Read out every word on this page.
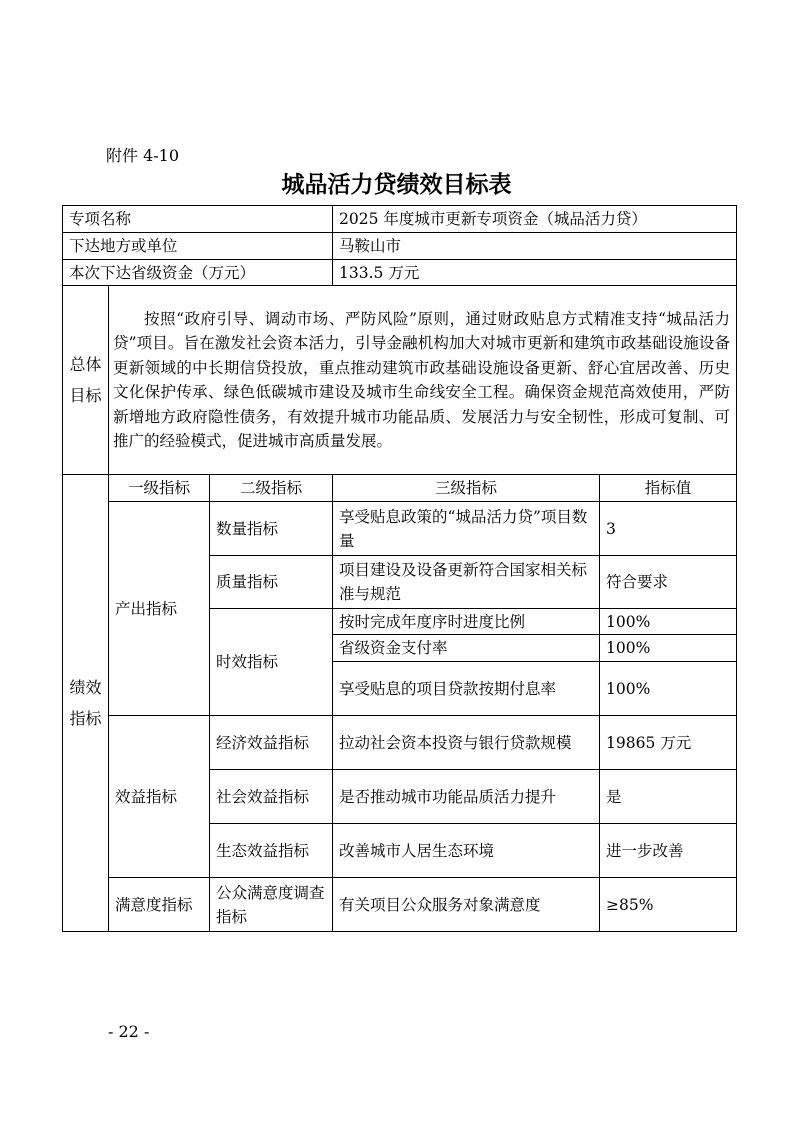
附件 4-10
城品活力贷绩效目标表
专项名称			2025 年度城市更新专项资金（城品活力贷）	
下达地方或单位			马鞍山市	
本次下达省级资金（万元）			133.5 万元	
总体目标	按照“政府引导、调动市场、严防风险”原则，通过财政贴息方式精准支持“城品活力贷”项目。旨在激发社会资本活力，引导金融机构加大对城市更新和建筑市政基础设施设备更新领域的中长期信贷投放，重点推动建筑市政基础设施设备更新、舒心宜居改善、历史文化保护传承、绿色低碳城市建设及城市生命线安全工程。确保资金规范高效使用，严防新增地方政府隐性债务，有效提升城市功能品质、发展活力与安全韧性，形成可复制、可推广的经验模式，促进城市高质量发展。			
绩效指标	一级指标	二级指标	三级指标	指标值
	产出指标	数量指标	享受贴息政策的“城品活力贷”项目数量	3
		质量指标	项目建设及设备更新符合国家相关标准与规范	符合要求
		时效指标	按时完成年度序时进度比例	100%
			省级资金支付率	100%
			享受贴息的项目贷款按期付息率	100%
	效益指标	经济效益指标	拉动社会资本投资与银行贷款规模	19865 万元
		社会效益指标	是否推动城市功能品质活力提升	是
		生态效益指标	改善城市人居生态环境	进一步改善
	满意度指标	公众满意度调查指标	有关项目公众服务对象满意度	≥85%
- 22 -
